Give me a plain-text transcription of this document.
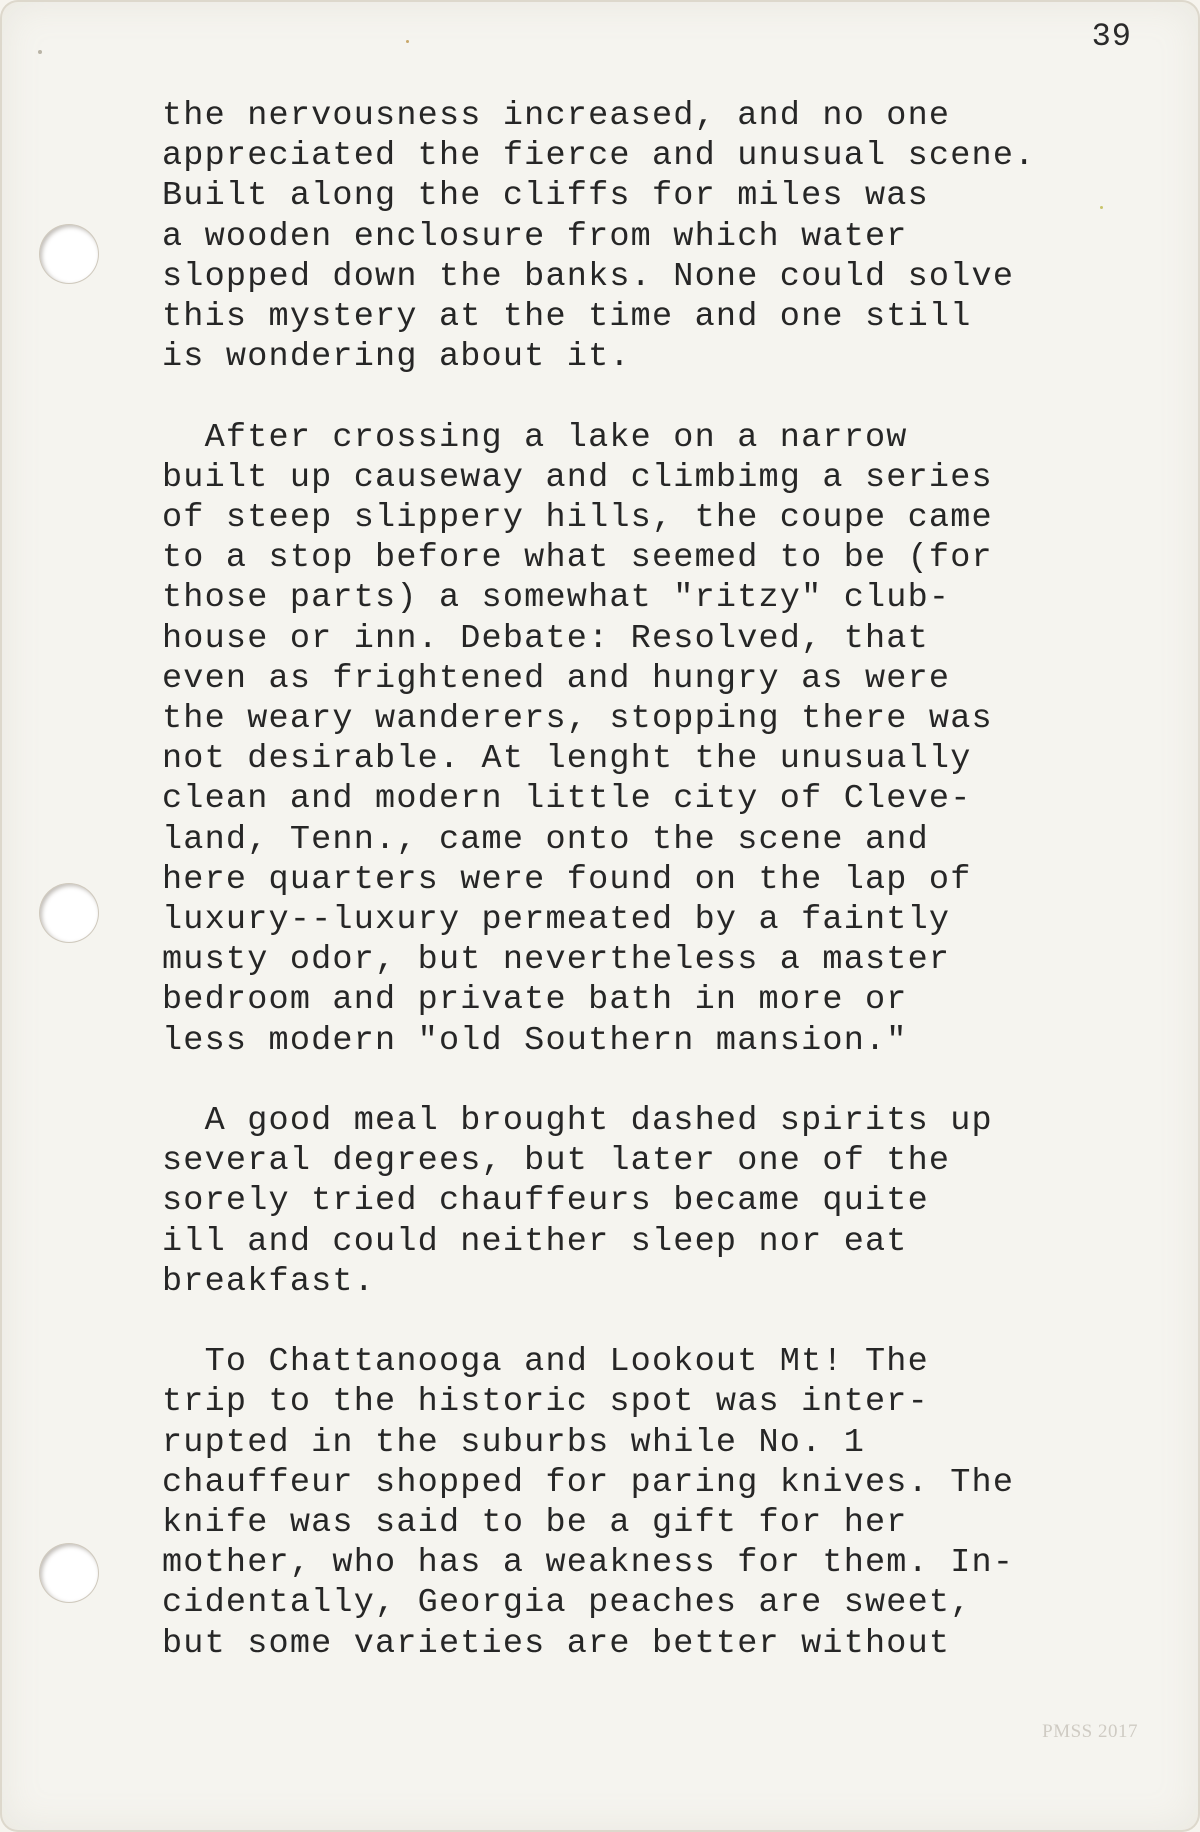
39
the nervousness increased, and no one
appreciated the fierce and unusual scene.
Built along the cliffs for miles was
a wooden enclosure from which water
slopped down the banks. None could solve
this mystery at the time and one still
is wondering about it.
After crossing a lake on a narrow
built up causeway and climbimg a series
of steep slippery hills, the coupe came
to a stop before what seemed to be (for
those parts) a somewhat "ritzy" club-
house or inn. Debate: Resolved, that
even as frightened and hungry as were
the weary wanderers, stopping there was
not desirable. At lenght the unusually
clean and modern little city of Cleve-
land, Tenn., came onto the scene and
here quarters were found on the lap of
luxury--luxury permeated by a faintly
musty odor, but nevertheless a master
bedroom and private bath in more or
less modern "old Southern mansion."
A good meal brought dashed spirits up
several degrees, but later one of the
sorely tried chauffeurs became quite
ill and could neither sleep nor eat
breakfast.
To Chattanooga and Lookout Mt! The
trip to the historic spot was inter-
rupted in the suburbs while No. 1
chauffeur shopped for paring knives. The
knife was said to be a gift for her
mother, who has a weakness for them. In-
cidentally, Georgia peaches are sweet,
but some varieties are better without
PMSS 2017
